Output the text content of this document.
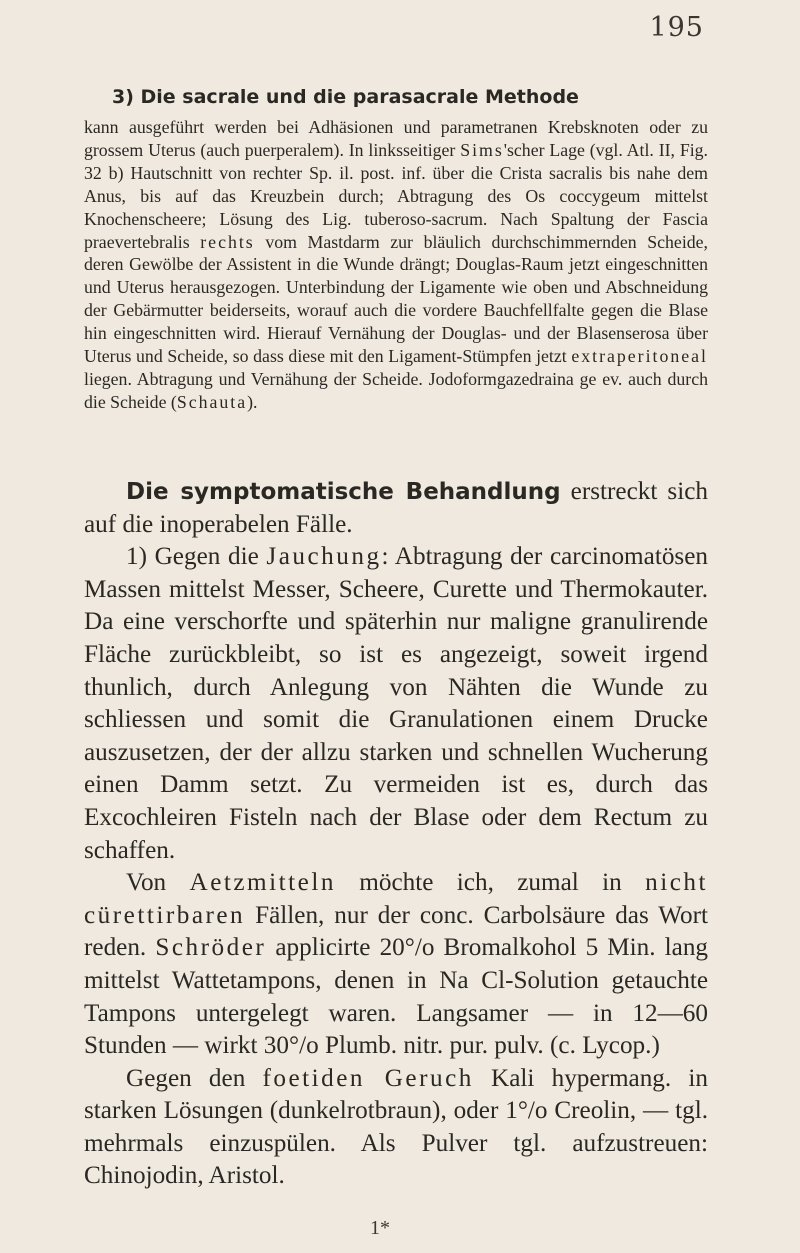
195
3) Die sacrale und die parasacrale Methode

kann ausgeführt werden bei Adhäsionen und parametranen Krebsknoten oder zu grossem Uterus (auch puerperalem). In linksseitiger Sims'scher Lage (vgl. Atl. II, Fig. 32 b) Hautschnitt von rechter Sp. il. post. inf. über die Crista sacralis bis nahe dem Anus, bis auf das Kreuzbein durch; Abtragung des Os coccygeum mittelst Knochenscheere; Lösung des Lig. tuberoso-sacrum. Nach Spaltung der Fascia praevertebralis rechts vom Mastdarm zur bläulich durchschimmernden Scheide, deren Gewölbe der Assistent in die Wunde drängt; Douglas-Raum jetzt eingeschnitten und Uterus herausgezogen. Unterbindung der Ligamente wie oben und Abschneidung der Gebärmutter beiderseits, worauf auch die vordere Bauchfellfalte gegen die Blase hin eingeschnitten wird. Hierauf Vernähung der Douglas- und der Blasenserosa über Uterus und Scheide, so dass diese mit den Ligament-Stümpfen jetzt extraperitoneal liegen. Abtragung und Vernähung der Scheide. Jodoformgazedraina ge ev. auch durch die Scheide (Schauta).

Die symptomatische Behandlung erstreckt sich auf die inoperabelen Fälle.

1) Gegen die Jauchung: Abtragung der carcinomatösen Massen mittelst Messer, Scheere, Curette und Thermokauter. Da eine verschorfte und späterhin nur maligne granulirende Fläche zurückbleibt, so ist es angezeigt, soweit irgend thunlich, durch Anlegung von Nähten die Wunde zu schliessen und somit die Granulationen einem Drucke auszusetzen, der der allzu starken und schnellen Wucherung einen Damm setzt. Zu vermeiden ist es, durch das Excochleiren Fisteln nach der Blase oder dem Rectum zu schaffen.

Von Aetzmitteln möchte ich, zumal in nicht cürettirbaren Fällen, nur der conc. Carbolsäure das Wort reden. Schröder applicirte 20°/o Bromalkohol 5 Min. lang mittelst Wattetampons, denen in Na Cl-Solution getauchte Tampons untergelegt waren. Langsamer — in 12—60 Stunden — wirkt 30°/o Plumb. nitr. pur. pulv. (c. Lycop.)

Gegen den foetiden Geruch Kali hypermang. in starken Lösungen (dunkelrotbraun), oder 1°/o Creolin, — tgl. mehrmals einzuspülen. Als Pulver tgl. aufzustreuen: Chinojodin, Aristol.

1*
